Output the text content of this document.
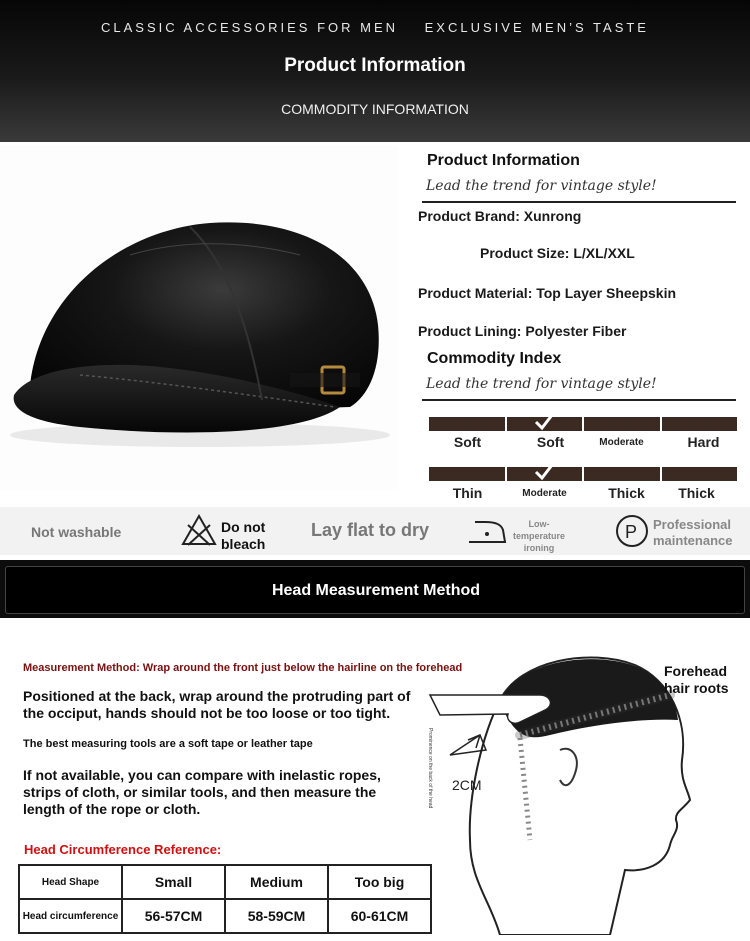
CLASSIC ACCESSORIES FOR MEN EXCLUSIVE MEN’S TASTE
Product Information
COMMODITY INFORMATION
Product Information
Lead the trend for vintage style!
Product Brand: Xunrong
Product Size: L/XL/XXL
Product Material: Top Layer Sheepskin
Product Lining: Polyester Fiber
Commodity Index
Lead the trend for vintage style!
Soft	Soft	Moderate	Hard
Thin	Moderate	Thick	Thick
Not washable	Do not
bleach
Lay flat to dry	Low-
temperature
ironing
P Professional
maintenance
Head Measurement Method
Measurement Method: Wrap around the front just below the hairline on the forehead
Positioned at the back, wrap around the protruding part of the occiput, hands should not be too loose or too tight.
The best measuring tools are a soft tape or leather tape
If not available, you can compare with inelastic ropes, strips of cloth, or similar tools, and then measure the length of the rope or cloth.
2CM
Forehead
hair roots
Prominence on the back of the head
Head Circumference Reference:
Head Shape	Small	Medium	Too big
Head circumference	56-57CM	58-59CM	60-61CM
